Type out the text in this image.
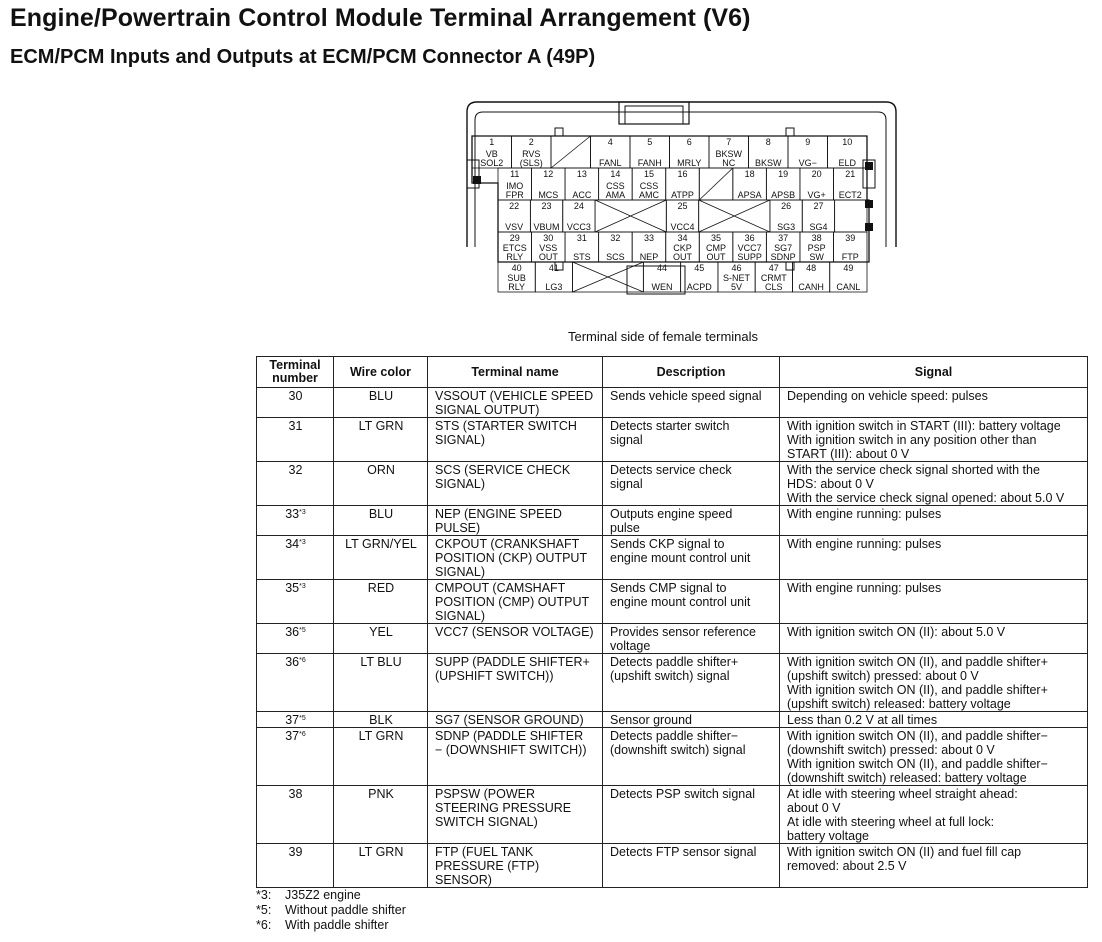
Engine/Powertrain Control Module Terminal Arrangement (V6)
ECM/PCM Inputs and Outputs at ECM/PCM Connector A (49P)
1
VB
SOL2
2
RVS
(SLS)
4
FANL
5
FANH
6
MRLY
7
BKSW
NC
8
BKSW
9
VG−
10
ELD
11
IMO
FPR
12
MCS
13
ACC
14
CSS
AMA
15
CSS
AMC
16
ATPP
18
APSA
19
APSB
20
VG+
21
ECT2
22
VSV
23
VBUM
24
VCC3
25
VCC4
26
SG3
27
SG4
29
ETCS
RLY
30
VSS
OUT
31
STS
32
SCS
33
NEP
34
CKP
OUT
35
CMP
OUT
36
VCC7
SUPP
37
SG7
SDNP
38
PSP
SW
39
FTP
40
SUB
RLY
41
LG3
44
WEN
45
ACPD
46
S-NET
5V
47
CRMT
CLS
48
CANH
49
CANL
Terminal side of female terminals
Terminal number	Wire color	Terminal name	Description	Signal
30	BLU	VSSOUT (VEHICLE SPEED
SIGNAL OUTPUT)	Sends vehicle speed signal	Depending on vehicle speed: pulses
31	LT GRN	STS (STARTER SWITCH
SIGNAL)	Detects starter switch
signal	With ignition switch in START (III): battery voltage
With ignition switch in any position other than
START (III): about 0 V
32	ORN	SCS (SERVICE CHECK
SIGNAL)	Detects service check
signal	With the service check signal shorted with the
HDS: about 0 V
With the service check signal opened: about 5.0 V
33$^{*3}$	BLU	NEP (ENGINE SPEED
PULSE)	Outputs engine speed
pulse	With engine running: pulses
34$^{*3}$	LT GRN/YEL	CKPOUT (CRANKSHAFT
POSITION (CKP) OUTPUT
SIGNAL)	Sends CKP signal to
engine mount control unit	With engine running: pulses
35$^{*3}$	RED	CMPOUT (CAMSHAFT
POSITION (CMP) OUTPUT
SIGNAL)	Sends CMP signal to
engine mount control unit	With engine running: pulses
36$^{*5}$	YEL	VCC7 (SENSOR VOLTAGE)	Provides sensor reference
voltage	With ignition switch ON (II): about 5.0 V
36$^{*6}$	LT BLU	SUPP (PADDLE SHIFTER+
(UPSHIFT SWITCH))	Detects paddle shifter+
(upshift switch) signal	With ignition switch ON (II), and paddle shifter+
(upshift switch) pressed: about 0 V
With ignition switch ON (II), and paddle shifter+
(upshift switch) released: battery voltage
37$^{*5}$	BLK	SG7 (SENSOR GROUND)	Sensor ground	Less than 0.2 V at all times
37$^{*6}$	LT GRN	SDNP (PADDLE SHIFTER
− (DOWNSHIFT SWITCH))	Detects paddle shifter−
(downshift switch) signal	With ignition switch ON (II), and paddle shifter−
(downshift switch) pressed: about 0 V
With ignition switch ON (II), and paddle shifter−
(downshift switch) released: battery voltage
38	PNK	PSPSW (POWER
STEERING PRESSURE
SWITCH SIGNAL)	Detects PSP switch signal	At idle with steering wheel straight ahead:
about 0 V
At idle with steering wheel at full lock:
battery voltage
39	LT GRN	FTP (FUEL TANK
PRESSURE (FTP)
SENSOR)	Detects FTP sensor signal	With ignition switch ON (II) and fuel fill cap
removed: about 2.5 V
*3: J35Z2 engine
*5: Without paddle shifter
*6: With paddle shifter
